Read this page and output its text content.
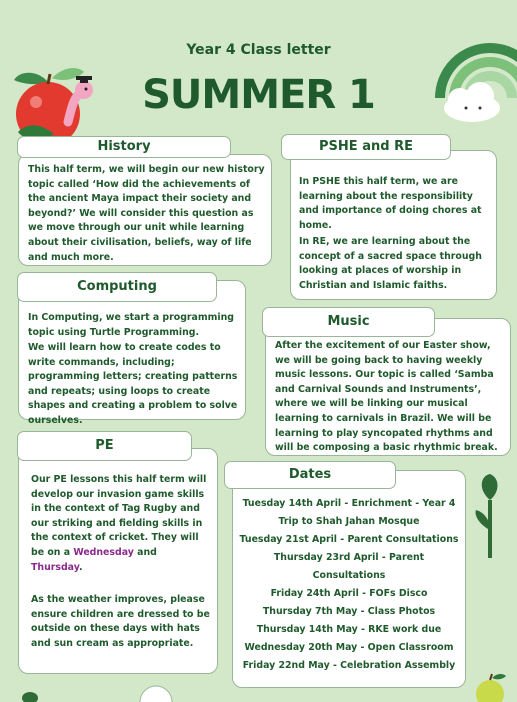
Year 4 Class letter
SUMMER 1
This half term, we will begin our new history topic called ‘How did the achievements of the ancient Maya impact their society and beyond?’ We will consider this question as we move through our unit while learning about their civilisation, beliefs, way of life and much more.
History
In PSHE this half term, we are learning about the responsibility and importance of doing chores at home.
In RE, we are learning about the concept of a sacred space through looking at places of worship in Christian and Islamic faiths.
PSHE and RE
In Computing, we start a programming topic using Turtle Programming.
We will learn how to create codes to write commands, including; programming letters; creating patterns and repeats; using loops to create shapes and creating a problem to solve ourselves.
Computing
After the excitement of our Easter show, we will be going back to having weekly music lessons. Our topic is called ‘Samba and Carnival Sounds and Instruments’, where we will be linking our musical learning to carnivals in Brazil. We will be learning to play syncopated rhythms and will be composing a basic rhythmic break.
Music
Our PE lessons this half term will develop our invasion game skills in the context of Tag Rugby and our striking and fielding skills in the context of cricket. They will be on a Wednesday and Thursday.
As the weather improves, please ensure children are dressed to be outside on these days with hats and sun cream as appropriate.
PE
Tuesday 14th April - Enrichment - Year 4
Trip to Shah Jahan Mosque
Tuesday 21st April - Parent Consultations
Thursday 23rd April - Parent
Consultations
Friday 24th April - FOFs Disco
Thursday 7th May - Class Photos
Thursday 14th May - RKE work due
Wednesday 20th May - Open Classroom
Friday 22nd May - Celebration Assembly
Dates
